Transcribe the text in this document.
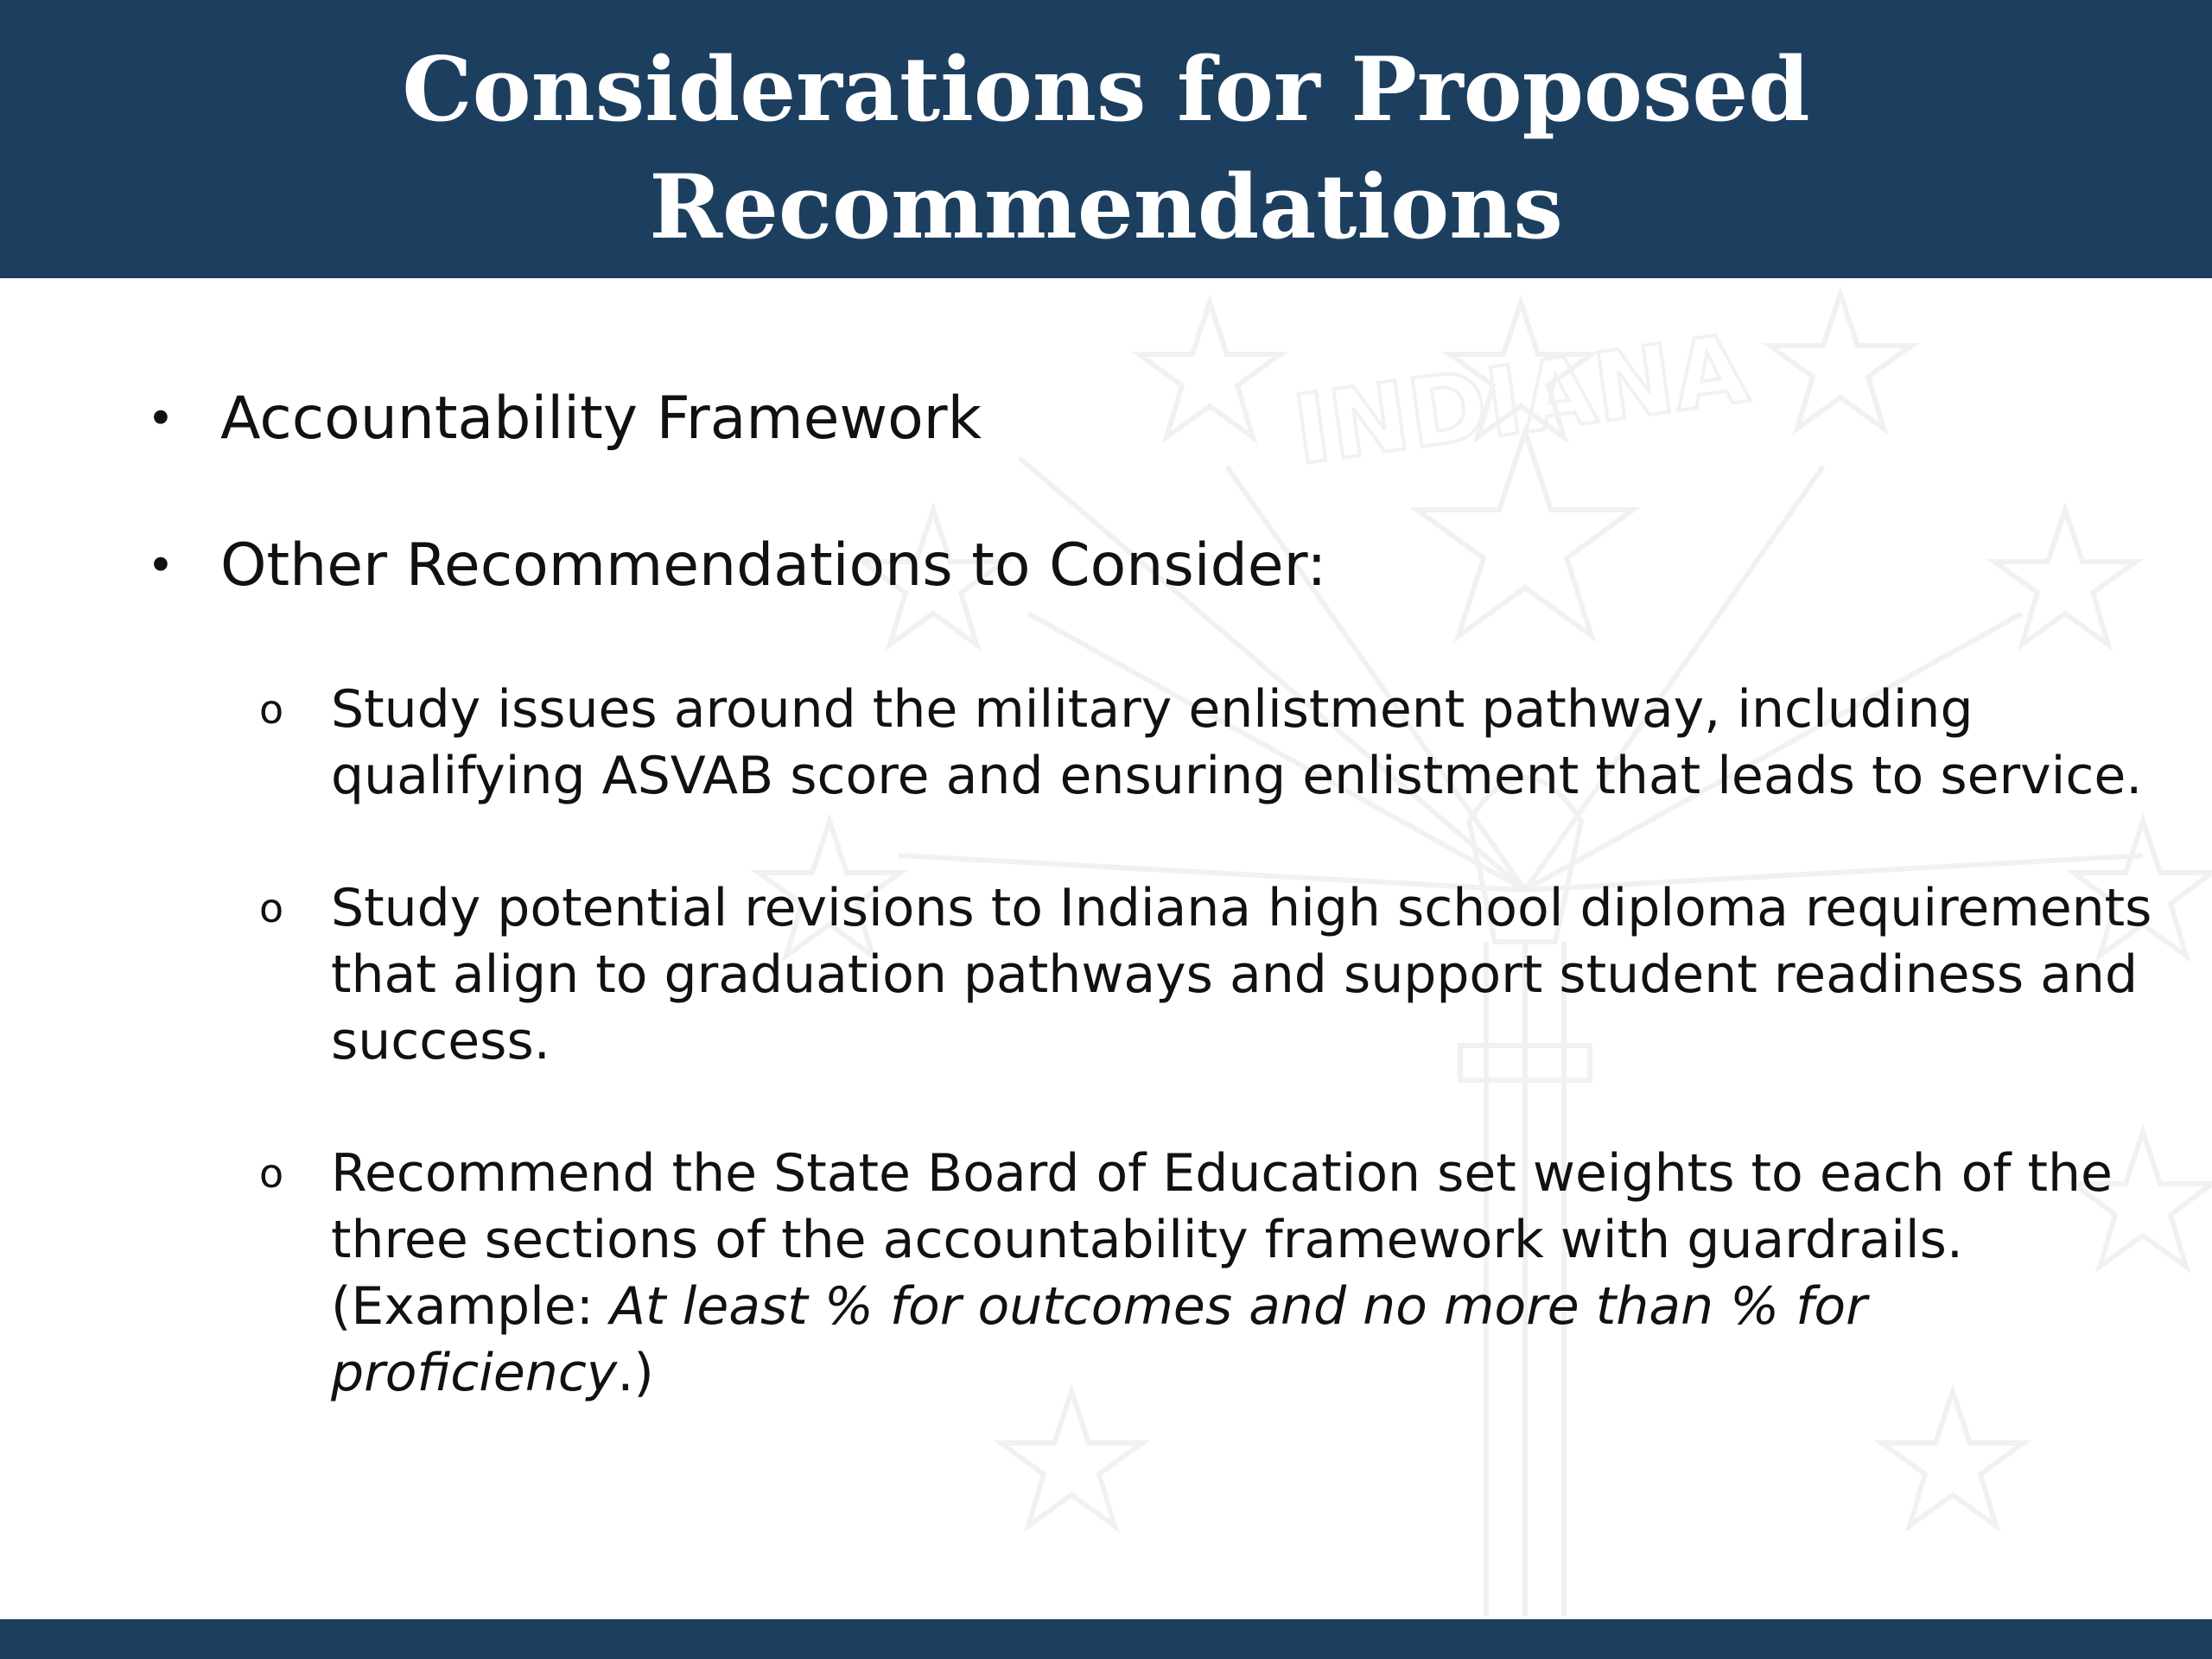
Considerations for Proposed
Recommendations
INDIANA
• Accountability Framework
• Other Recommendations to Consider:
o Study issues around the military enlistment pathway, including
qualifying ASVAB score and ensuring enlistment that leads to service.
o Study potential revisions to Indiana high school diploma requirements
that align to graduation pathways and support student readiness and
success.
o Recommend the State Board of Education set weights to each of the
three sections of the accountability framework with guardrails.
(Example: At least % for outcomes and no more than % for
proficiency.)
